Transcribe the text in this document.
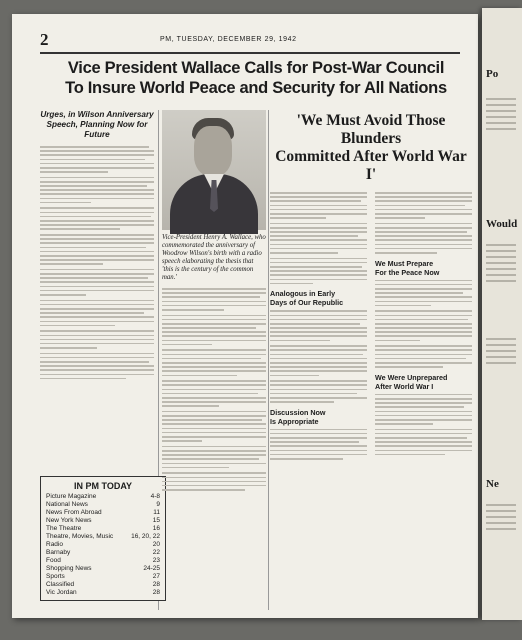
2	PM, TUESDAY, DECEMBER 29, 1942
Vice President Wallace Calls for Post-War Council
To Insure World Peace and Security for All Nations
Urges, in Wilson Anniversary Speech, Planning Now for Future
IN PM TODAY
Picture Magazine	4-8
National News	9
News From Abroad	11
New York News	15
The Theatre	16
Theatre, Movies, Music	16, 20, 22
Radio	20
Barnaby	22
Food	23
Shopping News	24-25
Sports	27
Classified	28
Vic Jordan	28
Vice-President Henry A. Wallace, who commemorated the anniversary of Woodrow Wilson's birth with a radio speech elaborating the thesis that 'this is the century of the common man.'
'We Must Avoid Those Blunders
Committed After World War I'
Analogous in Early
Days of Our Republic
Discussion Now
Is Appropriate
We Must Prepare
For the Peace Now
We Were Unprepared
After World War I
Po
Would
Ne
